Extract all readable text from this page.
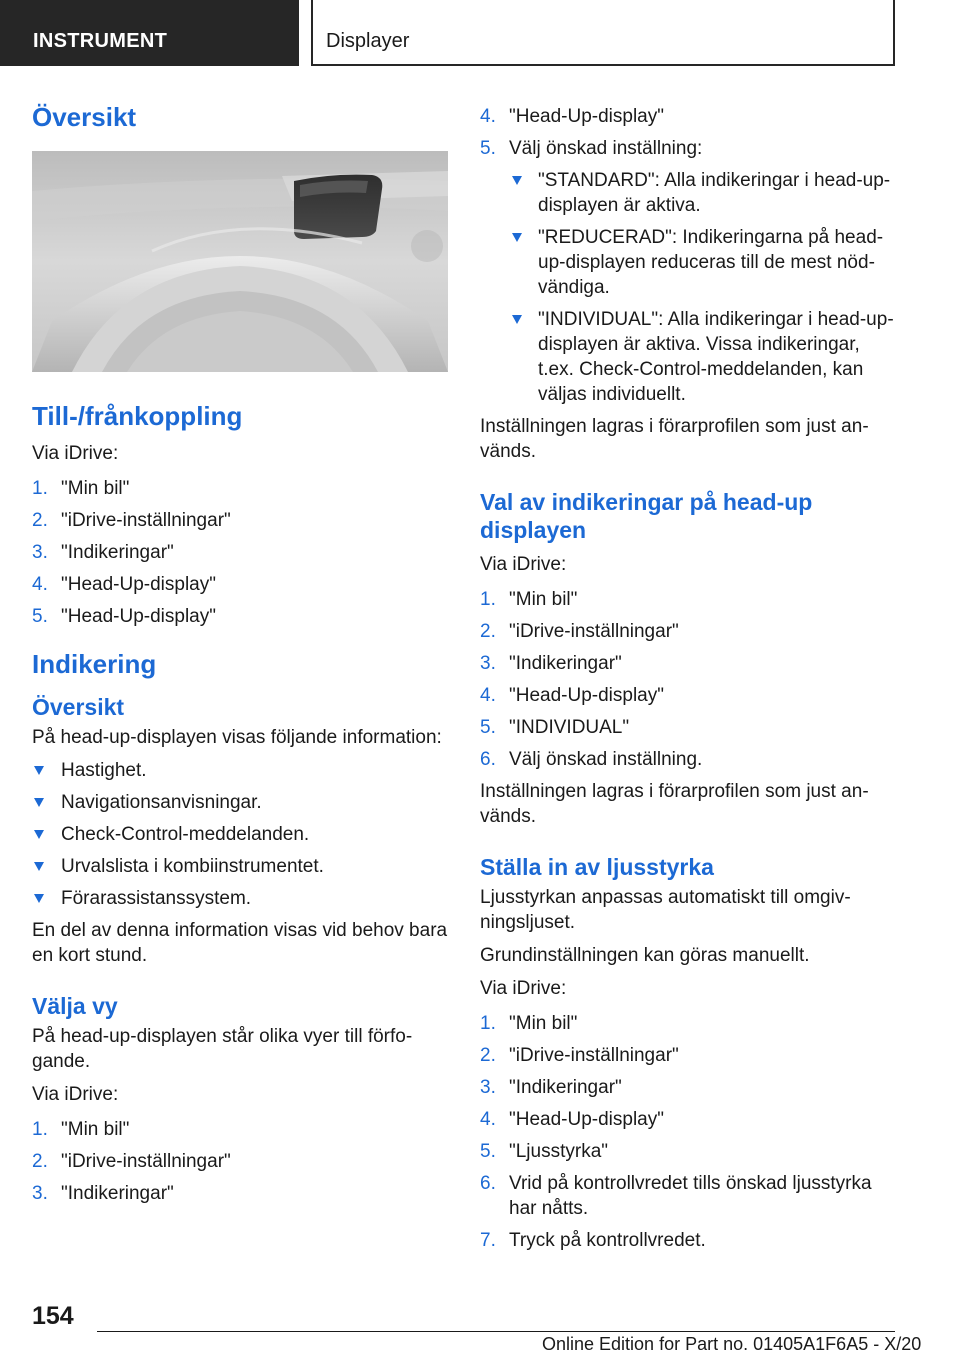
INSTRUMENT	Displayer
Översikt
Till-/frånkoppling

Via iDrive:

1. "Min bil"
2. "iDrive-inställningar"
3. "Indikeringar"
4. "Head-Up-display"
5. "Head-Up-display"
Indikering
Översikt

På head-up-displayen visas följande information:

Hastighet.
Navigationsanvisningar.
Check-Control-meddelanden.
Urvalslista i kombiinstrumentet.
Förarassistanssystem.

En del av denna information visas vid behov bara en kort stund.

Välja vy

På head-up-displayen står olika vyer till förfogande.

Via iDrive:

1. "Min bil"
2. "iDrive-inställningar"
3. "Indikeringar"
4. "Head-Up-display"
5. Välj önskad inställning:
"STANDARD": Alla indikeringar i head-up-displayen är aktiva.
"REDUCERAD": Indikeringarna på head-up-displayen reduceras till de mest nödvändiga.
"INDIVIDUAL": Alla indikeringar i head-up-displayen är aktiva. Vissa indikeringar, t.ex. Check-Control-meddelanden, kan väljas individuellt.

Inställningen lagras i förarprofilen som just används.

Val av indikeringar på head-up displayen

Via iDrive:

1. "Min bil"
2. "iDrive-inställningar"
3. "Indikeringar"
4. "Head-Up-display"
5. "INDIVIDUAL"
6. Välj önskad inställning.

Inställningen lagras i förarprofilen som just används.

Ställa in av ljusstyrka

Ljusstyrkan anpassas automatiskt till omgivningsljuset.

Grundinställningen kan göras manuellt.

Via iDrive:

1. "Min bil"
2. "iDrive-inställningar"
3. "Indikeringar"
4. "Head-Up-display"
5. "Ljusstyrka"
6. Vrid på kontrollvredet tills önskad ljusstyrka har nåtts.
7. Tryck på kontrollvredet.
154
Online Edition for Part no. 01405A1F6A5 - X/20
